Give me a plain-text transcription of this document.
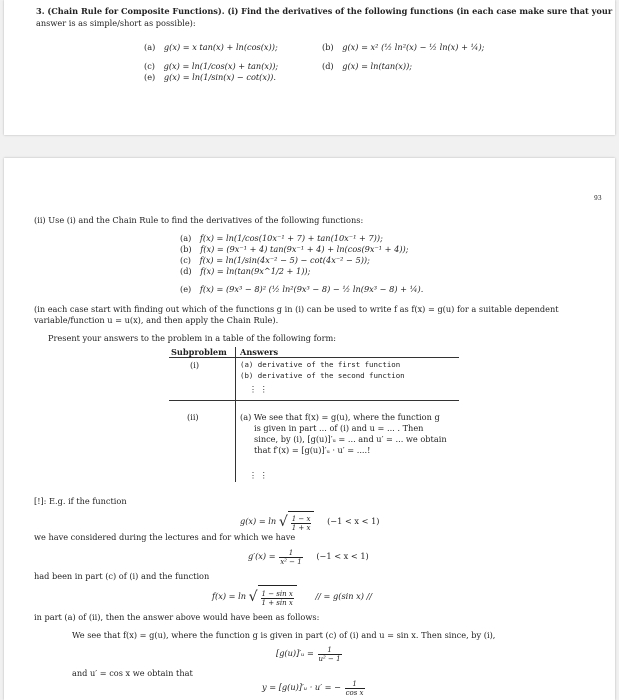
3. (Chain Rule for Composite Functions). (i) Find the derivatives of the following functions (in each case make sure that your
answer is as simple/short as possible):
(a) g(x) = x tan(x) + ln(cos(x));	(b) g(x) = x² (½ ln²(x) − ½ ln(x) + ¼);
(c) g(x) = ln(1/cos(x) + tan(x));	(d) g(x) = ln(tan(x));
(e) g(x) = ln(1/sin(x) − cot(x)).
93
(ii) Use (i) and the Chain Rule to find the derivatives of the following functions:
(a) f(x) = ln(1/cos(10x⁻¹ + 7) + tan(10x⁻¹ + 7));
(b) f(x) = (9x⁻¹ + 4) tan(9x⁻¹ + 4) + ln(cos(9x⁻¹ + 4));
(c) f(x) = ln(1/sin(4x⁻² − 5) − cot(4x⁻² − 5));
(d) f(x) = ln(tan(9x^1/2 + 1));
(e) f(x) = (9x³ − 8)² (½ ln²(9x³ − 8) − ½ ln(9x³ − 8) + ¼).
(in each case start with finding out which of the functions g in (i) can be used to write f as f(x) = g(u) for a suitable dependent
variable/function u = u(x), and then apply the Chain Rule).
Present your answers to the problem in a table of the following form:
Subproblem Answers
(i)	(a) derivative of the first function
(b) derivative of the second function
⋮ ⋮
(ii)	(a) We see that f(x) = g(u), where the function g
is given in part ... of (i) and u = ... . Then
since, by (i), [g(u)]′ᵤ = ... and u′ = ... we obtain
that f′(x) = [g(u)]′ᵤ · u′ = ....!
⋮ ⋮
[!]: E.g. if the function
g(x) = ln √ $\frac{1 - x}{1 + x} (-1 < x < 1)$
we have considered during the lectures and for which we have
$g'(x) = \frac{1}{\text{x² − 1}} (-1 < x < 1)$
had been in part (c) of (i) and the function
f(x) = ln √ $\frac{\text{1 − sin x}}{\text{1 + sin x}}$	// = g(sin x) //
in part (a) of (ii), then the answer above would have been as follows:
We see that f(x) = g(u), where the function g is given in part (c) of (i) and u = sin x. Then since, by (i),
[g(u)]′ᵤ = $\frac{1}{\text{u² − 1}}$
and u′ = cos x we obtain that
y = [g(u)]′ᵤ · u′ = − $\frac{1}{\text{cos x}}$
